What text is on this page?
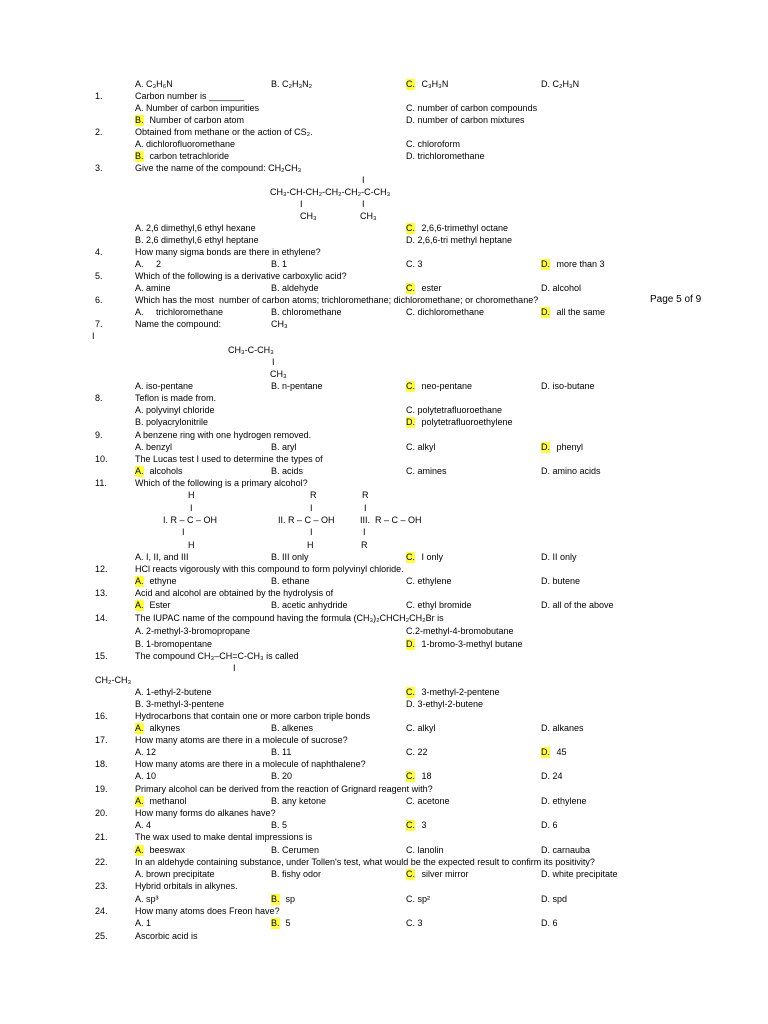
A. C₃H₆N	B. C₂H₃N₂	C. C₃H₃N	D. C₂H₃N
1.	Carbon number is _______
A. Number of carbon impurities	C. number of carbon compounds
B. Number of carbon atom	D. number of carbon mixtures
2.	Obtained from methane or the action of CS₂.
A. dichlorofluoromethane	C. chloroform
B. carbon tetrachloride	D. trichloromethane
3.	Give the name of the compound: CH₂CH₃
I
CH₃-CH-CH₂-CH₂-CH₂-C-CH₃
I	I
CH₃	CH₃
A. 2,6 dimethyl,6 ethyl hexane	C. 2,6,6-trimethyl octane
B. 2,6 dimethyl,6 ethyl heptane	D. 2,6,6-tri methyl heptane
4.	How many sigma bonds are there in ethylene?
A.     2	B. 1	C. 3	D. more than 3
5.	Which of the following is a derivative carboxylic acid?
A. amine	B. aldehyde	C. ester	D. alcohol
6.	Which has the most  number of carbon atoms; trichloromethane; dichloromethane; or choromethane?
A.     trichloromethane	B. chloromethane	C. dichloromethane	D. all the same
7.	Name the compound:	CH₃
I
CH₃-C-CH₃
I
CH₃
A. iso-pentane	B. n-pentane	C. neo-pentane	D. iso-butane
8.	Teflon is made from.
A. polyvinyl chloride	C. polytetrafluoroethane
B. polyacrylonitrile	D. polytetrafluoroethylene
9.	A benzene ring with one hydrogen removed.
A. benzyl	B. aryl	C. alkyl	D. phenyl
10.	The Lucas test I used to determine the types of
A. alcohols	B. acids	C. amines	D. amino acids
11.	Which of the following is a primary alcohol?
H	R	R
I	I	I
I. R – C – OH	II. R – C – OH	III.  R – C – OH
I	I	I
H	H	R
A. I, II, and III	B. III only	C. I only	D. II only
12.	HCl reacts vigorously with this compound to form polyvinyl chloride.
A. ethyne	B. ethane	C. ethylene	D. butene
13.	Acid and alcohol are obtained by the hydrolysis of
A. Ester	B. acetic anhydride	C. ethyl bromide	D. all of the above
14.	The IUPAC name of the compound having the formula (CH₃)₂CHCH₂CH₂Br is
A. 2-methyl-3-bromopropane	C.2-methyl-4-bromobutane
B. 1-bromopentane	D. 1-bromo-3-methyl butane
15.	The compound CH₃–CH=C-CH₃ is called
I
CH₂-CH₃
A. 1-ethyl-2-butene	C. 3-methyl-2-pentene
B. 3-methyl-3-pentene	D. 3-ethyl-2-butene
16.	Hydrocarbons that contain one or more carbon triple bonds
A. alkynes	B. alkenes	C. alkyl	D. alkanes
17.	How many atoms are there in a molecule of sucrose?
A. 12	B. 11	C. 22	D. 45
18.	How many atoms are there in a molecule of naphthalene?
A. 10	B. 20	C. 18	D. 24
19.	Primary alcohol can be derived from the reaction of Grignard reagent with?
A. methanol	B. any ketone	C. acetone	D. ethylene
20.	How many forms do alkanes have?
A. 4	B. 5	C. 3	D. 6
21.	The wax used to make dental impressions is
A. beeswax	B. Cerumen	C. lanolin	D. carnauba
22.	In an aldehyde containing substance, under Tollen's test, what would be the expected result to confirm its positivity?
A. brown precipitate	B. fishy odor	C. silver mirror	D. white precipitate
23.	Hybrid orbitals in alkynes.
A. sp³	B. sp	C. sp²	D. spd
24.	How many atoms does Freon have?
A. 1	B. 5	C. 3	D. 6
25.	Ascorbic acid is
Page 5 of 9
